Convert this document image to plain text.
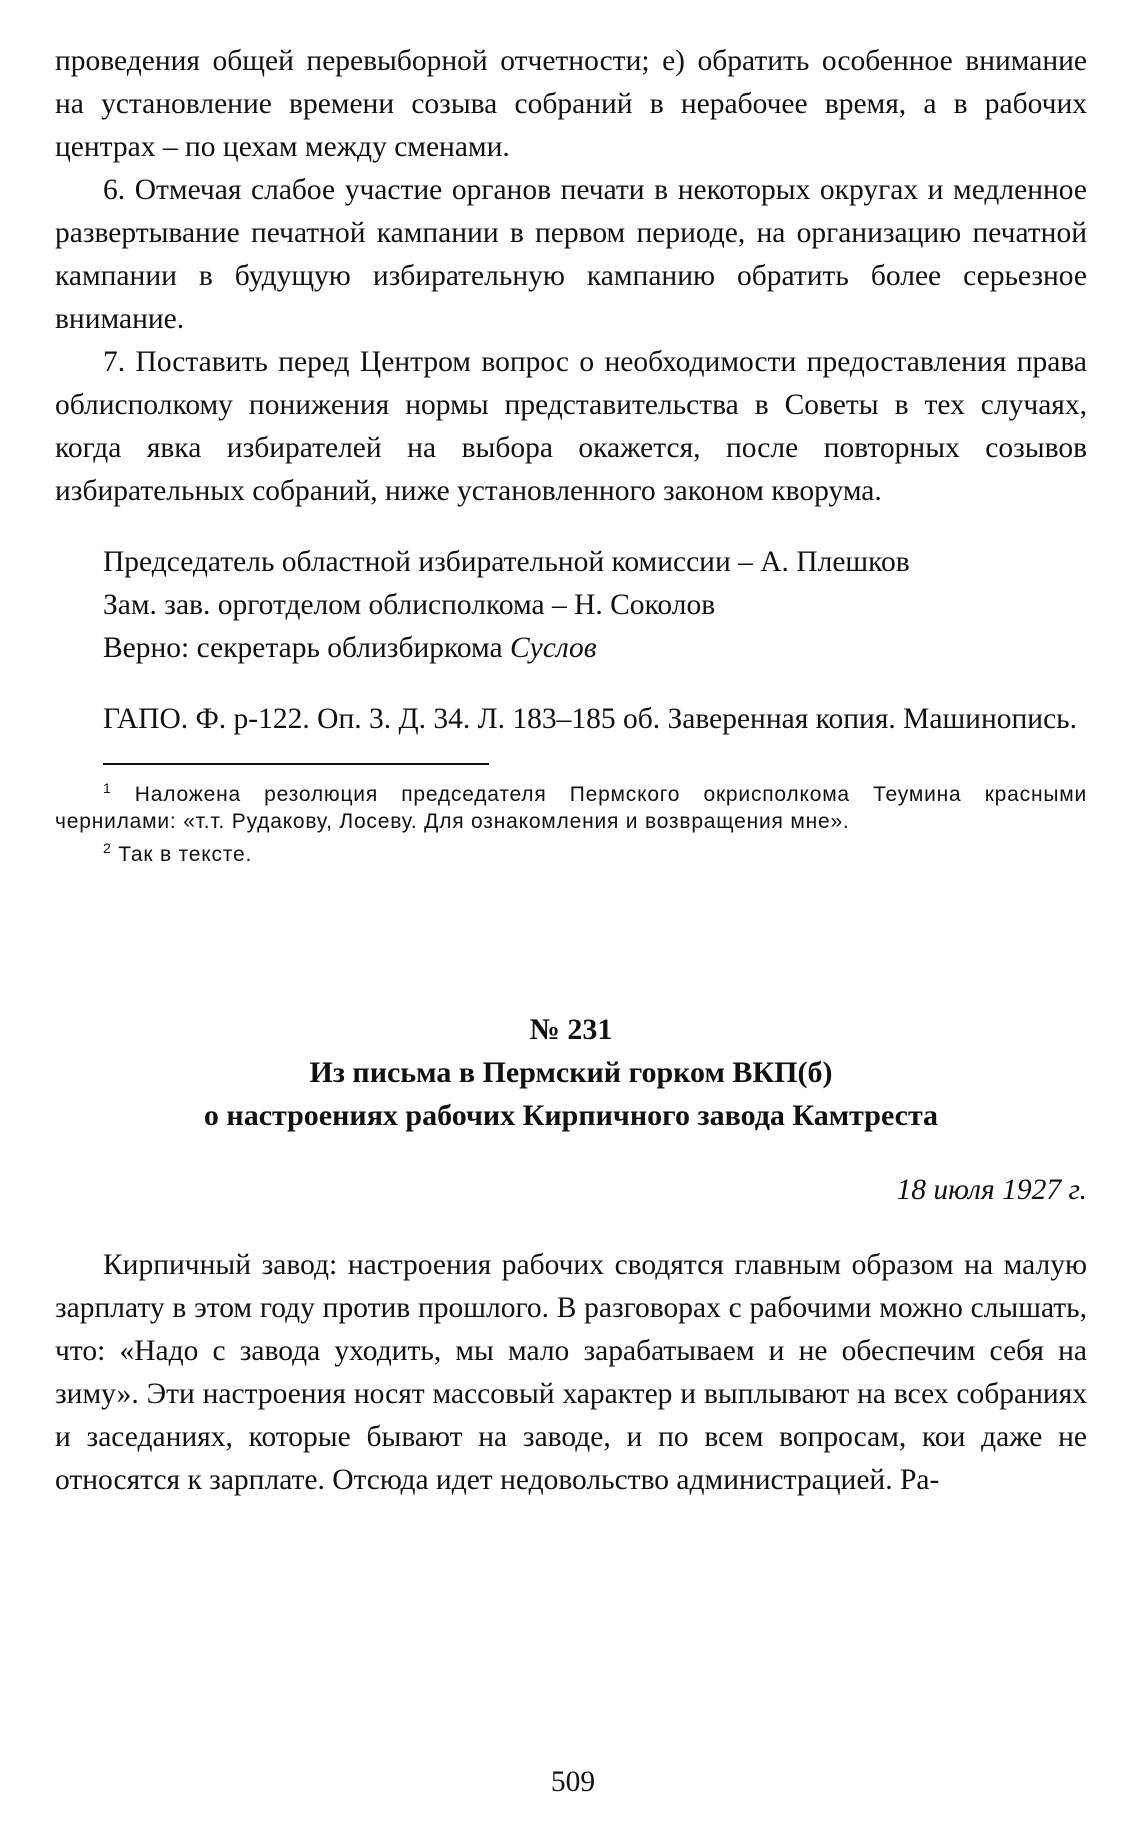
проведения общей перевыборной отчетности; е) обратить особенное внимание на установление времени созыва собраний в нерабочее время, а в рабочих центрах – по цехам между сменами.

6. Отмечая слабое участие органов печати в некоторых округах и медленное развертывание печатной кампании в первом периоде, на организацию печатной кампании в будущую избирательную кампанию обратить более серьезное внимание.

7. Поставить перед Центром вопрос о необходимости предоставления права облисполкому понижения нормы представительства в Советы в тех случаях, когда явка избирателей на выбора окажется, после повторных созывов избирательных собраний, ниже установленного законом кворума.

Председатель областной избирательной комиссии – А. Плешков

Зам. зав. орготделом облисполкома – Н. Соколов

Верно: секретарь облизбиркома Суслов

ГАПО. Ф. р-122. Оп. 3. Д. 34. Л. 183–185 об. Заверенная копия. Машинопись.

$^1$ Наложена резолюция председателя Пермского окрисполкома Теумина красными чернилами: «т.т. Рудакову, Лосеву. Для ознакомления и возвращения мне».

$^2$ Так в тексте.

№ 231

Из письма в Пермский горком ВКП(б)

о настроениях рабочих Кирпичного завода Камтреста

18 июля 1927 г.

Кирпичный завод: настроения рабочих сводятся главным образом на малую зарплату в этом году против прошлого. В разговорах с рабочими можно слышать, что: «Надо с завода уходить, мы мало зарабатываем и не обеспечим себя на зиму». Эти настроения носят массовый характер и выплывают на всех собраниях и заседаниях, которые бывают на заводе, и по всем вопросам, кои даже не относятся к зарплате. Отсюда идет недовольство администрацией. Ра-

509
